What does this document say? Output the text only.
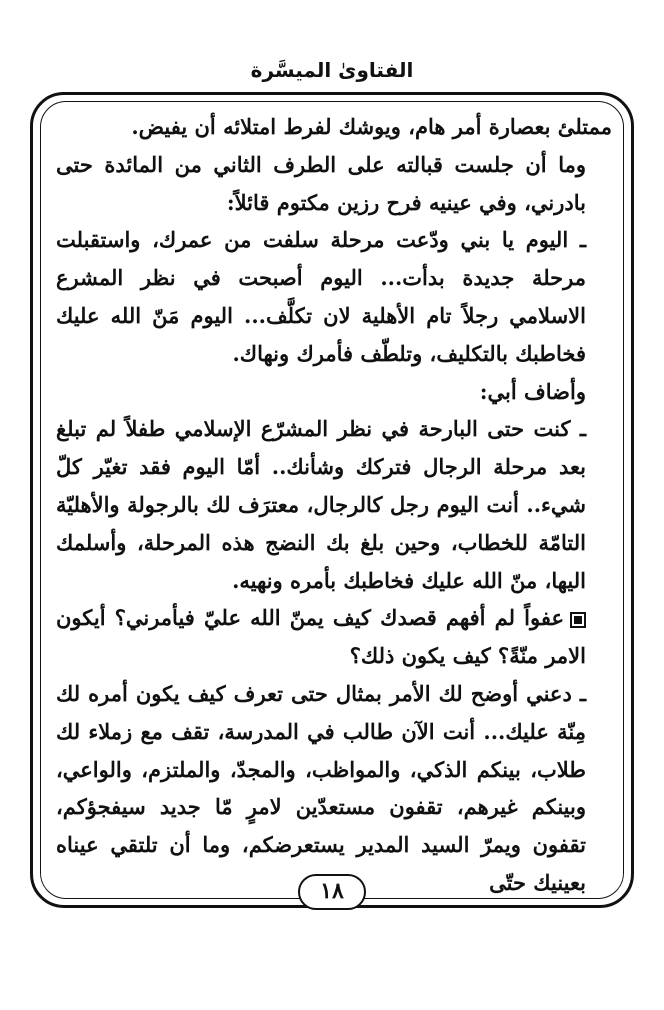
الفتاوىٰ الميسَّرة

ممتلئ بعصارة أمر هام، ويوشك لفرط امتلائه أن يفيض.

وما أن جلست قبالته على الطرف الثاني من المائدة حتى بادرني، وفي عينيه فرح رزين مكتوم قائلاً:

ـ اليوم يا بني ودّعت مرحلة سلفت من عمرك، واستقبلت مرحلة جديدة بدأت... اليوم أصبحت في نظر المشرع الاسلامي رجلاً تام الأهلية لان تكلَّف... اليوم مَنّ الله عليك فخاطبك بالتكليف، وتلطّف فأمرك ونهاك.

وأضاف أبي:

ـ كنت حتى البارحة في نظر المشرّع الإسلامي طفلاً لم تبلغ بعد مرحلة الرجال فتركك وشأنك.. أمّا اليوم فقد تغيّر كلّ شيء.. أنت اليوم رجل كالرجال، معترَف لك بالرجولة والأهليّة التامّة للخطاب، وحين بلغ بك النضج هذه المرحلة، وأسلمك اليها، منّ الله عليك فخاطبك بأمره ونهيه.

عفواً لم أفهم قصدك كيف يمنّ الله عليّ فيأمرني؟ أيكون الامر منّةً؟ كيف يكون ذلك؟

ـ دعني أوضح لك الأمر بمثال حتى تعرف كيف يكون أمره لك مِنّة عليك... أنت الآن طالب في المدرسة، تقف مع زملاء لك طلاب، بينكم الذكي، والمواظب، والمجدّ، والملتزم، والواعي، وبينكم غيرهم، تقفون مستعدّين لامرٍ مّا جديد سيفجؤكم، تقفون ويمرّ السيد المدير يستعرضكم، وما أن تلتقي عيناه بعينيك حتّى

١٨
